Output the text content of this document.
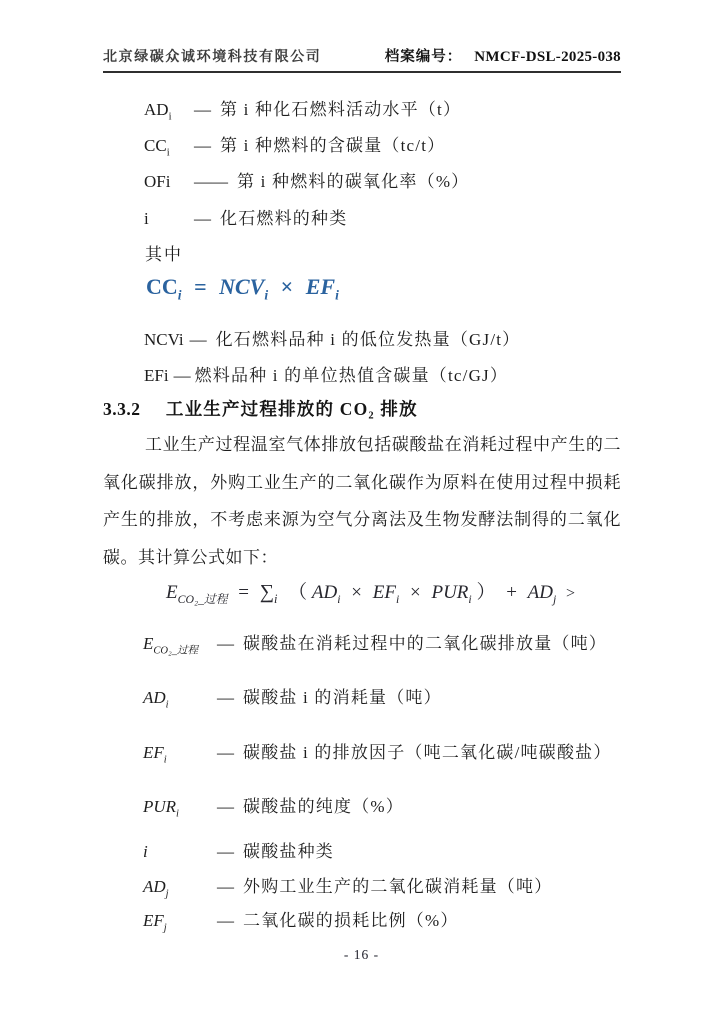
北京绿碳众诚环境科技有限公司	档案编号： NMCF-DSL-2025-038
$AD_i$	— 第 i 种化石燃料活动水平（t）
$CC_i$	— 第 i 种燃料的含碳量（tc/t）
OFi	—— 第 i 种燃料的碳氧化率（%）
i	— 化石燃料的种类
其中
$CC_i = NCV_i \times EF_i$
NCVi — 化石燃料品种 i 的低位发热量（GJ/t）
EFi — 燃料品种 i 的单位热值含碳量（tc/GJ）
3.3.2 工业生产过程排放的 CO₂ 排放
工业生产过程温室气体排放包括碳酸盐在消耗过程中产生的二氧化碳排放，外购工业生产的二氧化碳作为原料在使用过程中损耗产生的排放，不考虑来源为空气分离法及生物发酵法制得的二氧化碳。其计算公式如下：
$E_{CO_2\_过程} = \sum_i$ （ $AD_i \times EF_i \times PUR_i$ ） + $AD_j$ >
$E_{CO_2\_过程}$	— 碳酸盐在消耗过程中的二氧化碳排放量（吨）
$AD_i$	— 碳酸盐 i 的消耗量（吨）
$EF_i$	— 碳酸盐 i 的排放因子（吨二氧化碳/吨碳酸盐）
$PUR_i$	— 碳酸盐的纯度（%）
i	— 碳酸盐种类
$AD_j$	— 外购工业生产的二氧化碳消耗量（吨）
$EF_j$	— 二氧化碳的损耗比例（%）
- 16 -
